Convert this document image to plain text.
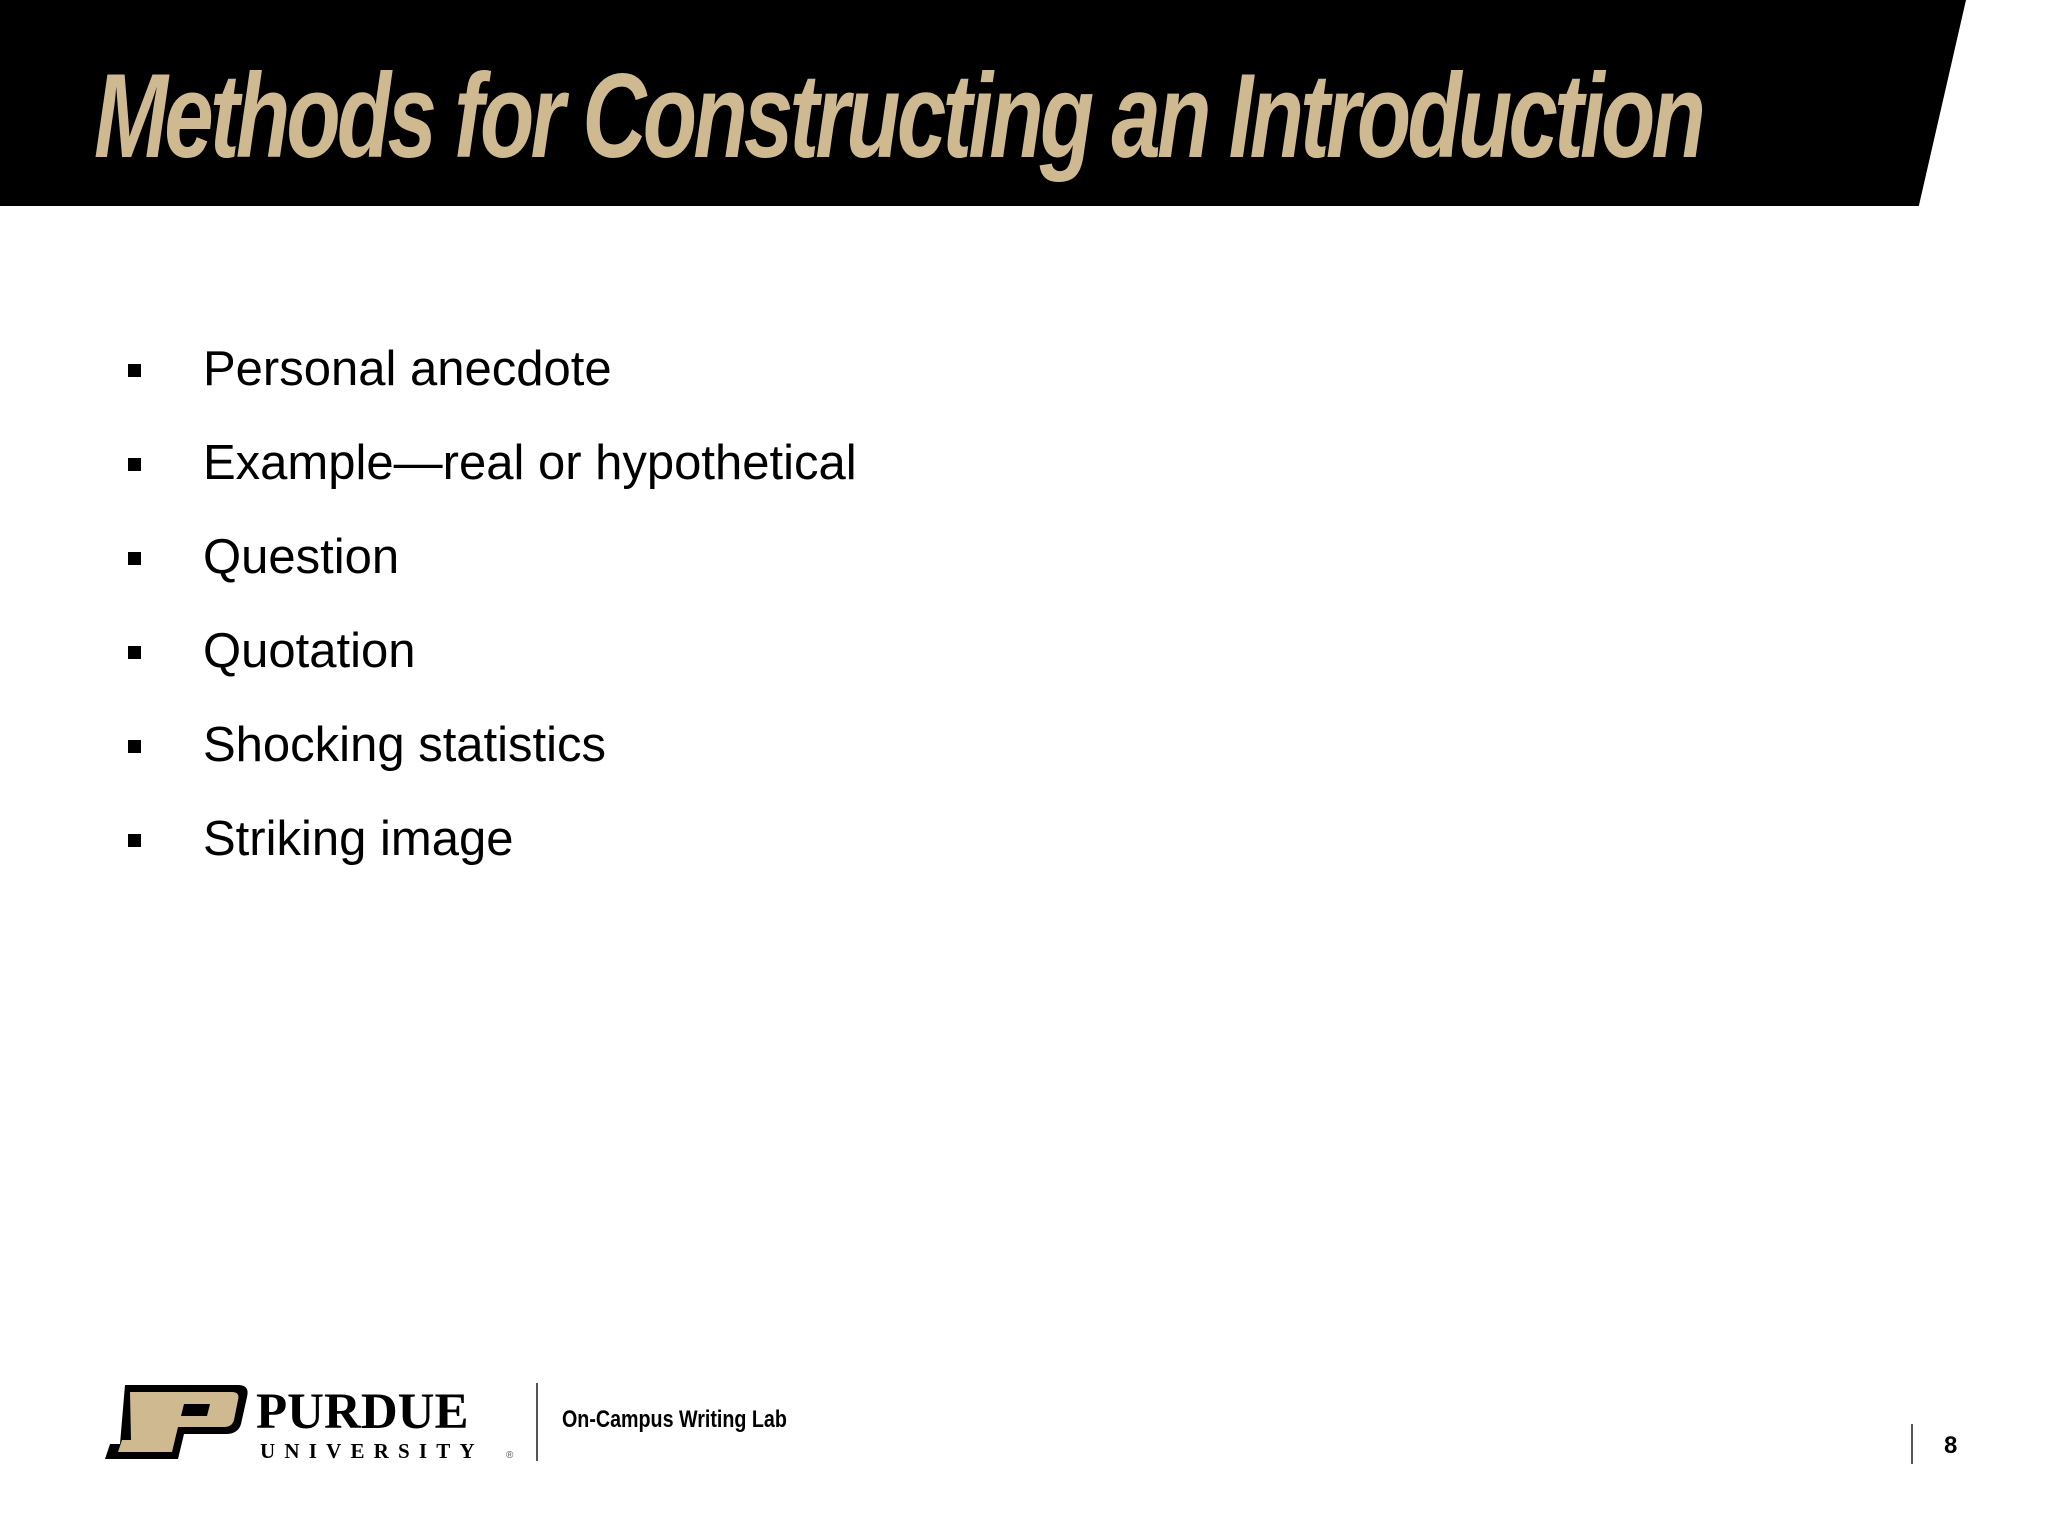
Methods for Constructing an Introduction
Personal anecdote
Example—real or hypothetical
Question
Quotation
Shocking statistics
Striking image
PURDUE
UNIVERSITY ®
On-Campus Writing Lab
8
